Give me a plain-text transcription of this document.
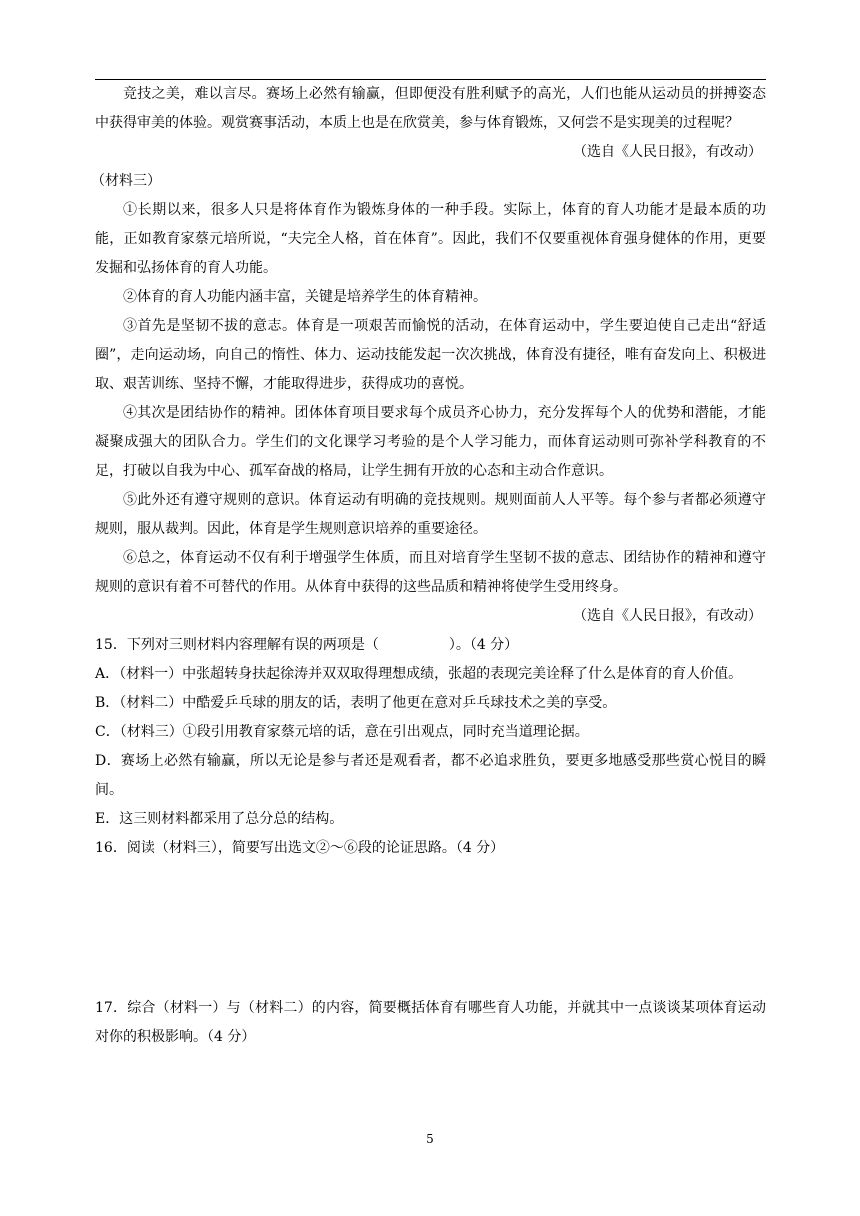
竞技之美，难以言尽。赛场上必然有输赢，但即便没有胜利赋予的高光，人们也能从运动员的拼搏姿态中获得审美的体验。观赏赛事活动，本质上也是在欣赏美，参与体育锻炼，又何尝不是实现美的过程呢？

（选自《人民日报》，有改动）

（材料三）

①长期以来，很多人只是将体育作为锻炼身体的一种手段。实际上，体育的育人功能才是最本质的功能，正如教育家蔡元培所说，“夫完全人格，首在体育”。因此，我们不仅要重视体育强身健体的作用，更要发掘和弘扬体育的育人功能。

②体育的育人功能内涵丰富，关键是培养学生的体育精神。

③首先是坚韧不拔的意志。体育是一项艰苦而愉悦的活动，在体育运动中，学生要迫使自己走出“舒适圈”，走向运动场，向自己的惰性、体力、运动技能发起一次次挑战，体育没有捷径，唯有奋发向上、积极进取、艰苦训练、坚持不懈，才能取得进步，获得成功的喜悦。

④其次是团结协作的精神。团体体育项目要求每个成员齐心协力，充分发挥每个人的优势和潜能，才能凝聚成强大的团队合力。学生们的文化课学习考验的是个人学习能力，而体育运动则可弥补学科教育的不足，打破以自我为中心、孤军奋战的格局，让学生拥有开放的心态和主动合作意识。

⑤此外还有遵守规则的意识。体育运动有明确的竞技规则。规则面前人人平等。每个参与者都必须遵守规则，服从裁判。因此，体育是学生规则意识培养的重要途径。

⑥总之，体育运动不仅有利于增强学生体质，而且对培育学生坚韧不拔的意志、团结协作的精神和遵守规则的意识有着不可替代的作用。从体育中获得的这些品质和精神将使学生受用终身。

（选自《人民日报》，有改动）

15．下列对三则材料内容理解有误的两项是（　　　　　）。（4 分）

A．（材料一）中张超转身扶起徐涛并双双取得理想成绩，张超的表现完美诠释了什么是体育的育人价值。

B．（材料二）中酷爱乒乓球的朋友的话，表明了他更在意对乒乓球技术之美的享受。

C．（材料三）①段引用教育家蔡元培的话，意在引出观点，同时充当道理论据。

D．赛场上必然有输赢，所以无论是参与者还是观看者，都不必追求胜负，要更多地感受那些赏心悦目的瞬间。

E．这三则材料都采用了总分总的结构。

16．阅读（材料三），简要写出选文②～⑥段的论证思路。（4 分）

17．综合（材料一）与（材料二）的内容，简要概括体育有哪些育人功能，并就其中一点谈谈某项体育运动对你的积极影响。（4 分）

5
